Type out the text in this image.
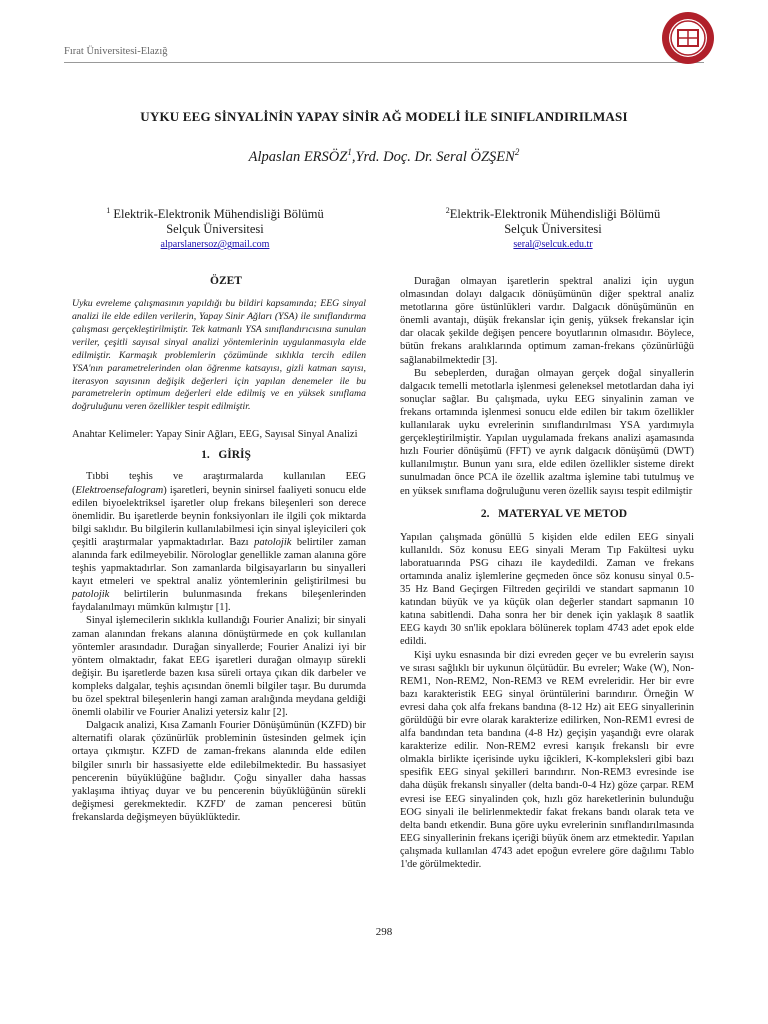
Fırat Üniversitesi-Elazığ
UYKU EEG SİNYALİNİN YAPAY SİNİR AĞ MODELİ İLE SINIFLANDIRILMASI
Alpaslan ERSÖZ$^1$,Yrd. Doç. Dr. Seral ÖZŞEN$^2$
$^1$ Elektrik-Elektronik Mühendisliği Bölümü
Selçuk Üniversitesi
alparslanersoz@gmail.com
$^2$Elektrik-Elektronik Mühendisliği Bölümü
Selçuk Üniversitesi
seral@selcuk.edu.tr

ÖZET

Uyku evreleme çalışmasının yapıldığı bu bildiri kapsamında; EEG sinyal analizi ile elde edilen verilerin, Yapay Sinir Ağları (YSA) ile sınıflandırma çalışması gerçekleştirilmiştir. Tek katmanlı YSA sınıflandırıcısına sunulan veriler, çeşitli sayısal sinyal analizi yöntemlerinin uygulanmasıyla elde edilmiştir. Karmaşık problemlerin çözümünde sıklıkla tercih edilen YSA'nın parametrelerinden olan öğrenme katsayısı, gizli katman sayısı, iterasyon sayısının değişik değerleri için yapılan denemeler ile bu parametrelerin optimum değerleri elde edilmiş ve en yüksek sınıflama doğruluğunu veren özellikler tespit edilmiştir.

Anahtar Kelimeler: Yapay Sinir Ağları, EEG, Sayısal Sinyal Analizi

1. GİRİŞ

Tıbbi teşhis ve araştırmalarda kullanılan EEG (Elektroensefalogram) işaretleri, beynin sinirsel faaliyeti sonucu elde edilen biyoelektriksel işaretler olup frekans bileşenleri son derece önemlidir. Bu işaretlerde beynin fonksiyonları ile ilgili çok miktarda bilgi saklıdır. Bu bilgilerin kullanılabilmesi için sinyal işleyicileri çok çeşitli araştırmalar yapmaktadırlar. Bazı patolojik belirtiler zaman alanında fark edilmeyebilir. Nörologlar genellikle zaman alanına göre teşhis yapmaktadırlar. Son zamanlarda bilgisayarların bu sinyalleri kayıt etmeleri ve spektral analiz yöntemlerinin geliştirilmesi bu patolojik belirtilerin bulunmasında frekans bileşenlerinden faydalanılmayı mümkün kılmıştır [1].

Sinyal işlemecilerin sıklıkla kullandığı Fourier Analizi; bir sinyali zaman alanından frekans alanına dönüştürmede en çok kullanılan yöntemler arasındadır. Durağan sinyallerde; Fourier Analizi iyi bir yöntem olmaktadır, fakat EEG işaretleri durağan olmayıp sürekli değişir. Bu işaretlerde bazen kısa süreli ortaya çıkan dik darbeler ve kompleks dalgalar, teşhis açısından önemli bilgiler taşır. Bu durumda bu özel spektral bileşenlerin hangi zaman aralığında meydana geldiği önemli olabilir ve Fourier Analizi yetersiz kalır [2].

Dalgacık analizi, Kısa Zamanlı Fourier Dönüşümünün (KZFD) bir alternatifi olarak çözünürlük probleminin üstesinden gelmek için ortaya çıkmıştır. KZFD de zaman-frekans alanında elde edilen bilgiler sınırlı bir hassasiyette elde edilebilmektedir. Bu hassasiyet pencerenin büyüklüğüne bağlıdır. Çoğu sinyaller daha hassas yaklaşıma ihtiyaç duyar ve bu pencerenin büyüklüğünün sürekli değişmesi gerekmektedir. KZFD' de zaman penceresi bütün frekanslarda değişmeyen büyüklüktedir.

Durağan olmayan işaretlerin spektral analizi için uygun olmasından dolayı dalgacık dönüşümünün diğer spektral analiz metotlarına göre üstünlükleri vardır. Dalgacık dönüşümünün en önemli avantajı, düşük frekanslar için geniş, yüksek frekanslar için dar olacak şekilde değişen pencere boyutlarının olmasıdır. Böylece, bütün frekans aralıklarında optimum zaman-frekans çözünürlüğü sağlanabilmektedir [3].

Bu sebeplerden, durağan olmayan gerçek doğal sinyallerin dalgacık temelli metotlarla işlenmesi geleneksel metotlardan daha iyi sonuçlar sağlar. Bu çalışmada, uyku EEG sinyalinin zaman ve frekans ortamında işlenmesi sonucu elde edilen bir takım özellikler kullanılarak uyku evrelerinin sınıflandırılması YSA yardımıyla gerçekleştirilmiştir. Yapılan uygulamada frekans analizi aşamasında hızlı Fourier dönüşümü (FFT) ve ayrık dalgacık dönüşümü (DWT) kullanılmıştır. Bunun yanı sıra, elde edilen özellikler sisteme direkt sunulmadan önce PCA ile özellik azaltma işlemine tabi tutulmuş ve en yüksek sınıflama doğruluğunu veren özellik sayısı tespit edilmiştir

2. MATERYAL VE METOD

Yapılan çalışmada gönüllü 5 kişiden elde edilen EEG sinyali kullanıldı. Söz konusu EEG sinyali Meram Tıp Fakültesi uyku laboratuarında PSG cihazı ile kaydedildi. Zaman ve frekans ortamında analiz işlemlerine geçmeden önce söz konusu sinyal 0.5-35 Hz Band Geçirgen Filtreden geçirildi ve standart sapmanın 10 katından büyük ve ya küçük olan değerler standart sapmanın 10 katına sabitlendi. Daha sonra her bir denek için yaklaşık 8 saatlik EEG kaydı 30 sn'lik epoklara bölünerek toplam 4743 adet epok elde edildi.

Kişi uyku esnasında bir dizi evreden geçer ve bu evrelerin sayısı ve sırası sağlıklı bir uykunun ölçütüdür. Bu evreler; Wake (W), Non-REM1, Non-REM2, Non-REM3 ve REM evreleridir. Her bir evre bazı karakteristik EEG sinyal örüntülerini barındırır. Örneğin W evresi daha çok alfa frekans bandına (8-12 Hz) ait EEG sinyallerinin görüldüğü bir evre olarak karakterize edilirken, Non-REM1 evresi de alfa bandından teta bandına (4-8 Hz) geçişin yaşandığı evre olarak karakterize edilir. Non-REM2 evresi karışık frekanslı bir evre olmakla birlikte içerisinde uyku iğcikleri, K-kompleksleri gibi bazı spesifik EEG sinyal şekilleri barındırır. Non-REM3 evresinde ise daha düşük frekanslı sinyaller (delta bandı-0-4 Hz) göze çarpar. REM evresi ise EEG sinyalinden çok, hızlı göz hareketlerinin bulunduğu EOG sinyali ile belirlenmektedir fakat frekans bandı olarak teta ve delta bandı etkendir. Buna göre uyku evrelerinin sınıflandırılmasında EEG sinyallerinin frekans içeriği büyük önem arz etmektedir. Yapılan çalışmada kullanılan 4743 adet epoğun evrelere göre dağılımı Tablo 1'de görülmektedir.

298
